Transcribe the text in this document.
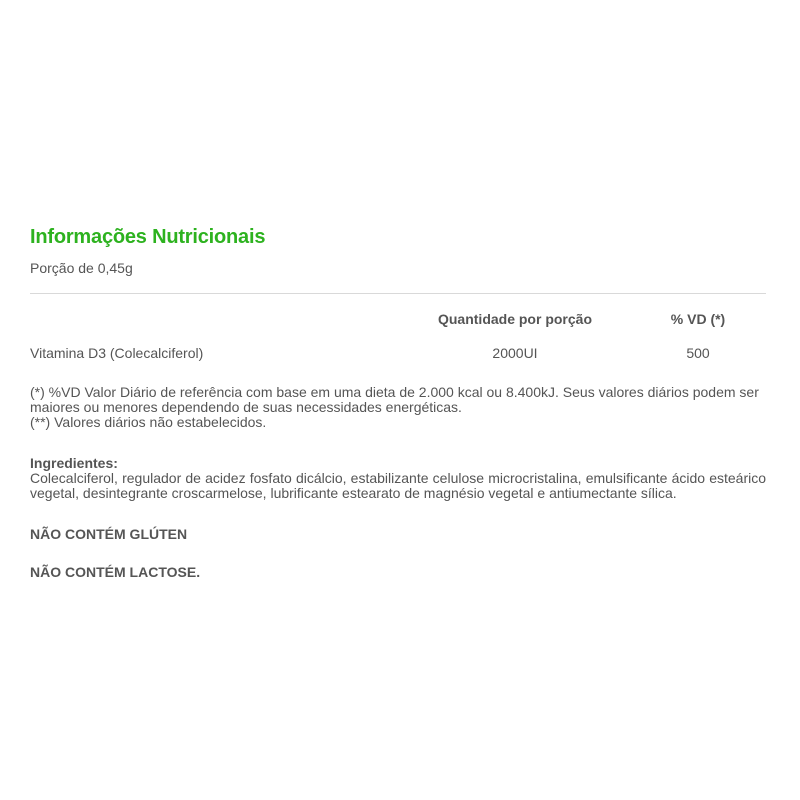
Informações Nutricionais
Porção de 0,45g
	Quantidade por porção	% VD (*)
Vitamina D3 (Colecalciferol)	2000UI	500
(*) %VD Valor Diário de referência com base em uma dieta de 2.000 kcal ou 8.400kJ. Seus valores diários podem ser maiores ou menores dependendo de suas necessidades energéticas.
(**) Valores diários não estabelecidos.
Ingredientes:
Colecalciferol, regulador de acidez fosfato dicálcio, estabilizante celulose microcristalina, emulsificante ácido esteárico vegetal, desintegrante croscarmelose, lubrificante estearato de magnésio vegetal e antiumectante sílica.
NÃO CONTÉM GLÚTEN
NÃO CONTÉM LACTOSE.
